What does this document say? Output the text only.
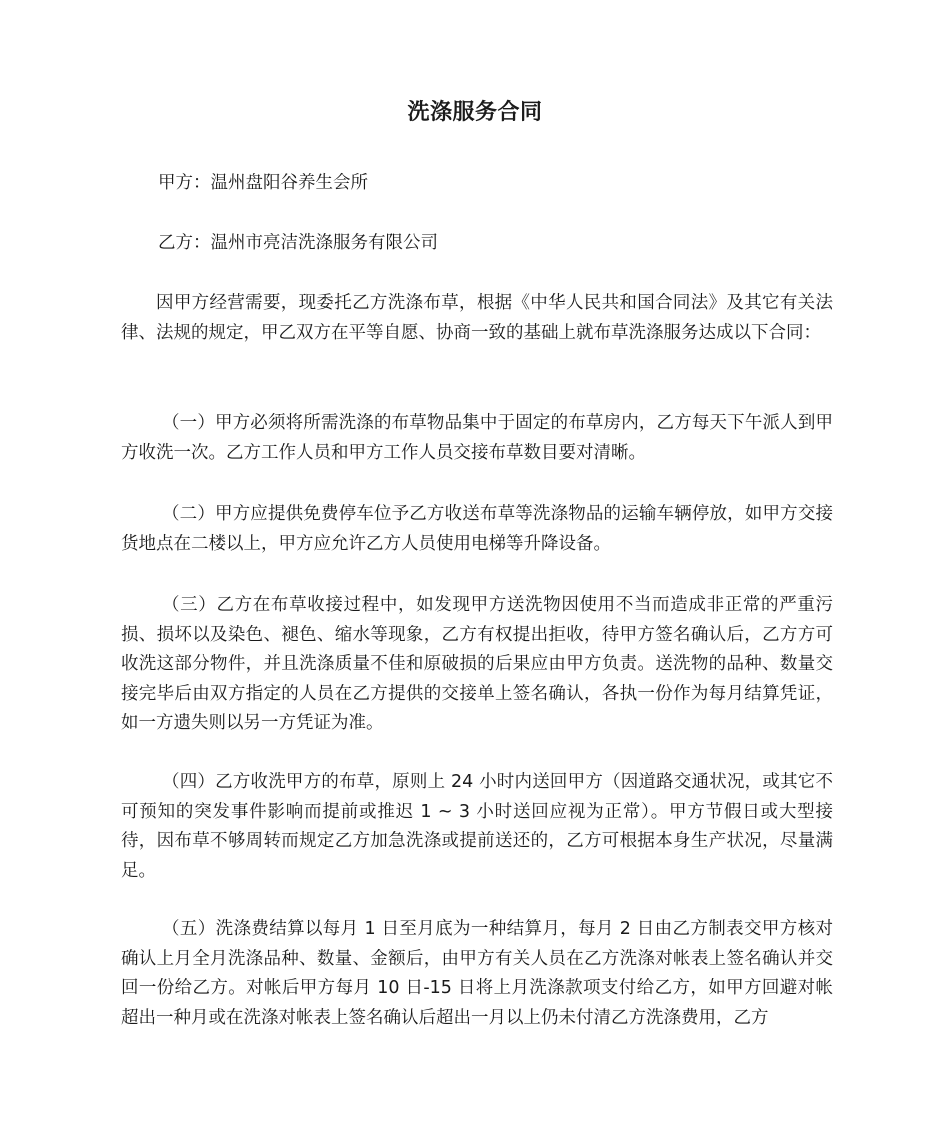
洗涤服务合同
甲方：温州盘阳谷养生会所
乙方：温州市亮洁洗涤服务有限公司

因甲方经营需要，现委托乙方洗涤布草，根据《中华人民共和国合同法》及其它有关法律、法规的规定，甲乙双方在平等自愿、协商一致的基础上就布草洗涤服务达成以下合同：

（一）甲方必须将所需洗涤的布草物品集中于固定的布草房内，乙方每天下午派人到甲方收洗一次。乙方工作人员和甲方工作人员交接布草数目要对清晰。

（二）甲方应提供免费停车位予乙方收送布草等洗涤物品的运输车辆停放，如甲方交接货地点在二楼以上，甲方应允许乙方人员使用电梯等升降设备。

（三）乙方在布草收接过程中，如发现甲方送洗物因使用不当而造成非正常的严重污损、损坏以及染色、褪色、缩水等现象，乙方有权提出拒收，待甲方签名确认后，乙方方可收洗这部分物件，并且洗涤质量不佳和原破损的后果应由甲方负责。送洗物的品种、数量交接完毕后由双方指定的人员在乙方提供的交接单上签名确认，各执一份作为每月结算凭证，如一方遗失则以另一方凭证为准。

（四）乙方收洗甲方的布草，原则上 24 小时内送回甲方（因道路交通状况，或其它不可预知的突发事件影响而提前或推迟 1 ~ 3 小时送回应视为正常）。甲方节假日或大型接待，因布草不够周转而规定乙方加急洗涤或提前送还的，乙方可根据本身生产状况，尽量满足。

（五）洗涤费结算以每月 1 日至月底为一种结算月，每月 2 日由乙方制表交甲方核对确认上月全月洗涤品种、数量、金额后，由甲方有关人员在乙方洗涤对帐表上签名确认并交回一份给乙方。对帐后甲方每月 10 日-15 日将上月洗涤款项支付给乙方，如甲方回避对帐超出一种月或在洗涤对帐表上签名确认后超出一月以上仍未付清乙方洗涤费用，乙方
